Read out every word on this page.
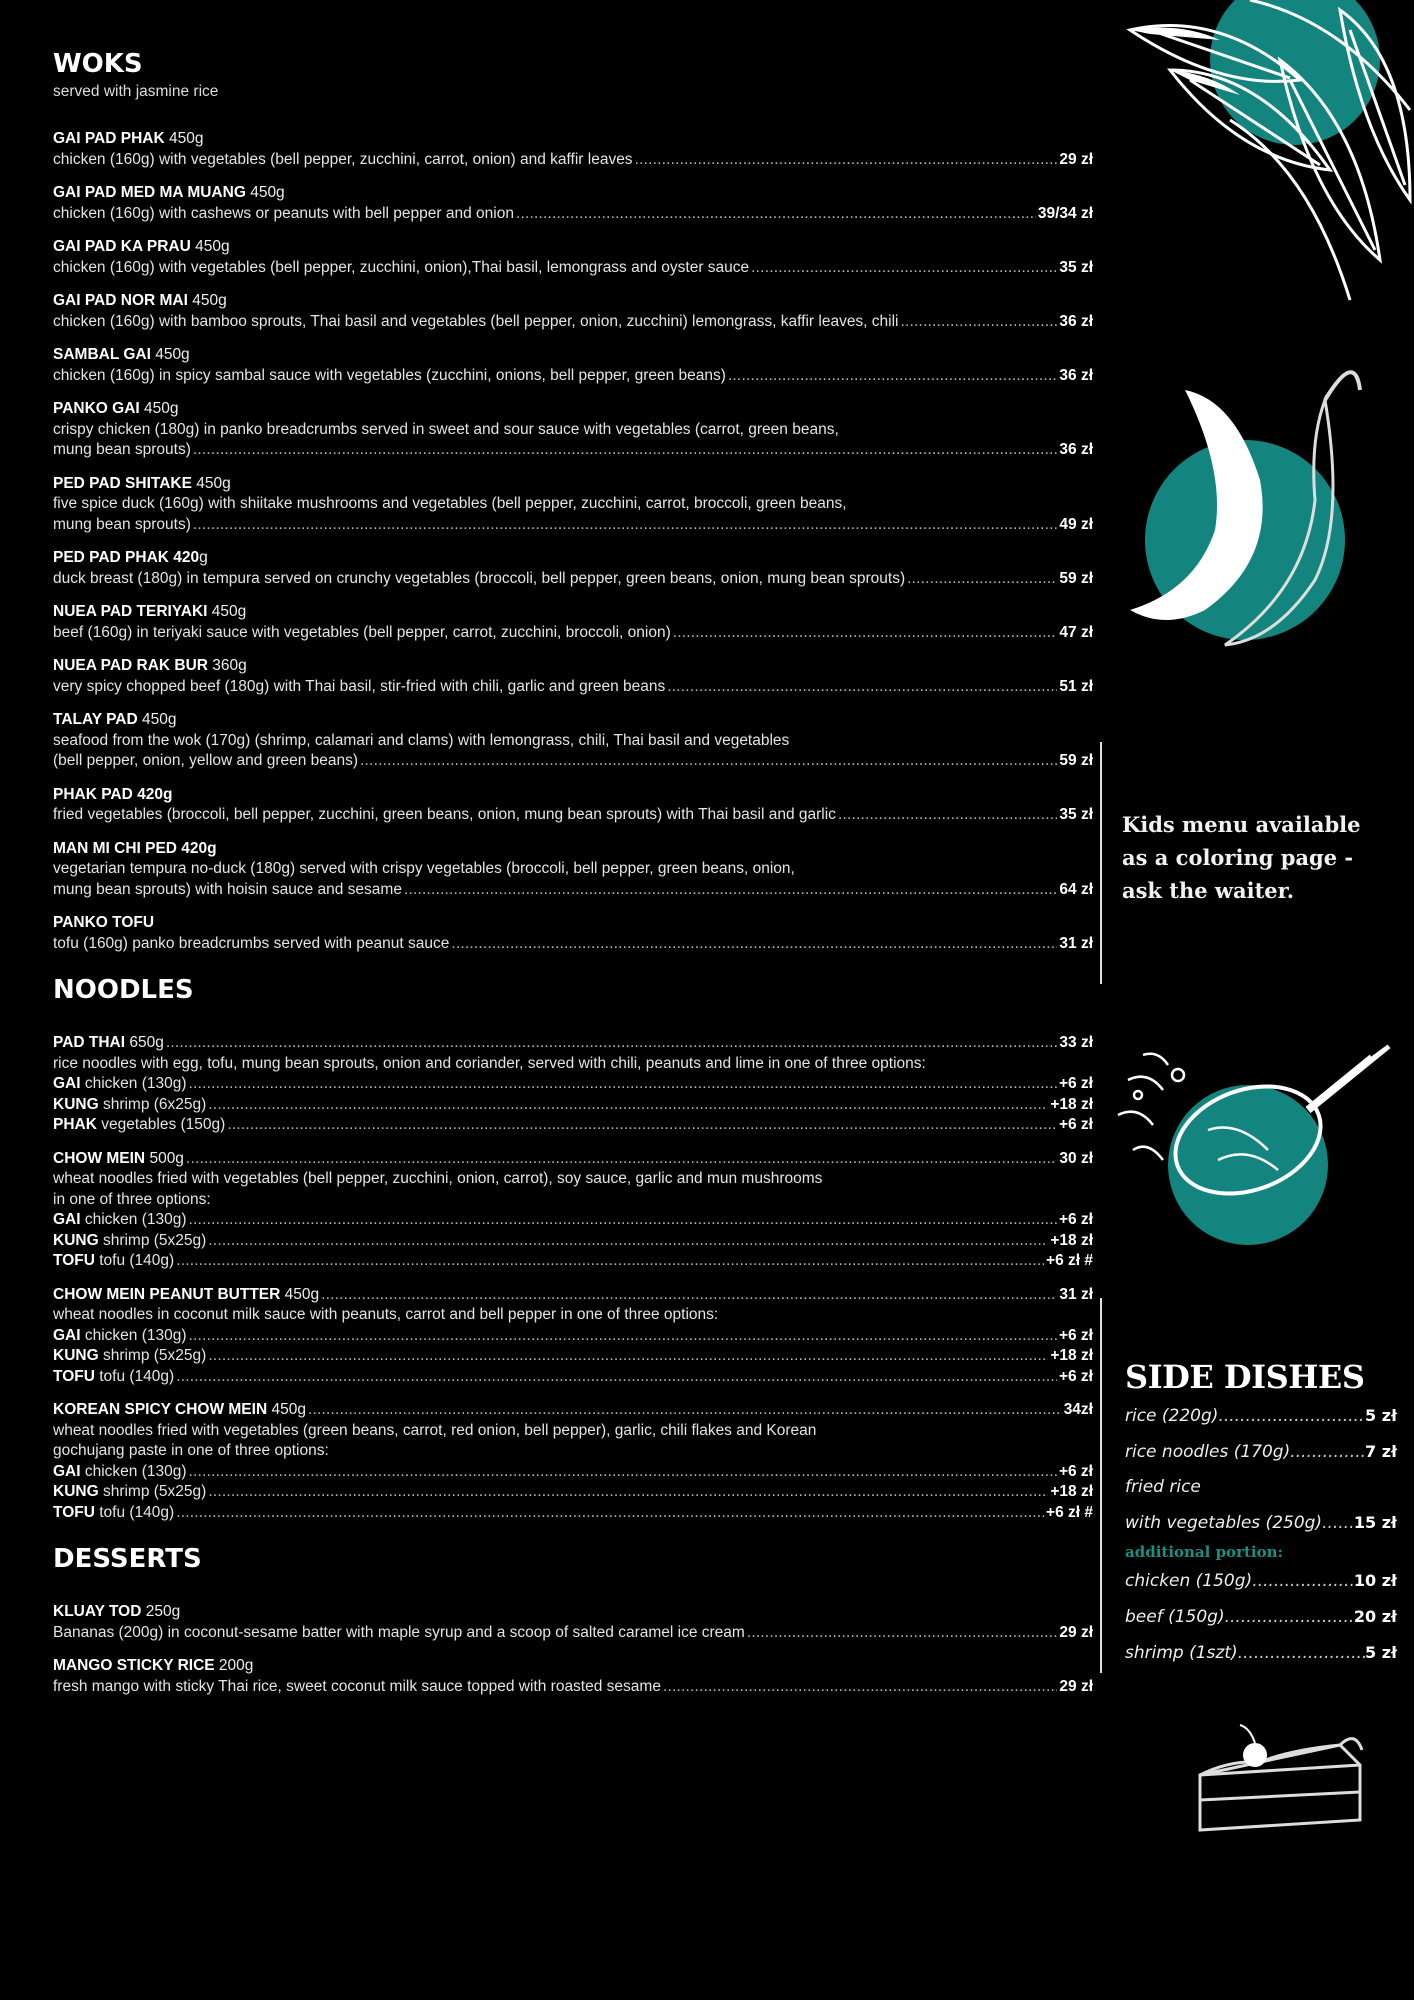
WOKS
served with jasmine rice
GAI PAD PHAK 450g
chicken (160g) with vegetables (bell pepper, zucchini, carrot, onion) and kaffir leaves .....	29 zł
GAI PAD MED MA MUANG 450g
chicken (160g) with cashews or peanuts with bell pepper and onion .....	39/34 zł
GAI PAD KA PRAU 450g
chicken (160g) with vegetables (bell pepper, zucchini, onion),Thai basil, lemongrass and oyster sauce .....	35 zł
GAI PAD NOR MAI 450g
chicken (160g) with bamboo sprouts, Thai basil and vegetables (bell pepper, onion, zucchini) lemongrass, kaffir leaves, chili .....	36 zł
SAMBAL GAI 450g
chicken (160g) in spicy sambal sauce with vegetables (zucchini, onions, bell pepper, green beans) .....	36 zł
PANKO GAI 450g
crispy chicken (180g) in panko breadcrumbs served in sweet and sour sauce with vegetables (carrot, green beans,
mung bean sprouts) .....	36 zł
PED PAD SHITAKE 450g
five spice duck (160g) with shiitake mushrooms and vegetables (bell pepper, zucchini, carrot, broccoli, green beans,
mung bean sprouts) .....	49 zł
PED PAD PHAK 420g
duck breast (180g) in tempura served on crunchy vegetables (broccoli, bell pepper, green beans, onion, mung bean sprouts) .....	59 zł
NUEA PAD TERIYAKI 450g
beef (160g) in teriyaki sauce with vegetables (bell pepper, carrot, zucchini, broccoli, onion) .....	47 zł
NUEA PAD RAK BUR 360g
very spicy chopped beef (180g) with Thai basil, stir-fried with chili, garlic and green beans .....	51 zł
TALAY PAD 450g
seafood from the wok (170g) (shrimp, calamari and clams) with lemongrass, chili, Thai basil and vegetables
(bell pepper, onion, yellow and green beans) .....	59 zł
PHAK PAD 420g
fried vegetables (broccoli, bell pepper, zucchini, green beans, onion, mung bean sprouts) with Thai basil and garlic .....	35 zł
MAN MI CHI PED 420g
vegetarian tempura no-duck (180g) served with crispy vegetables (broccoli, bell pepper, green beans, onion,
mung bean sprouts) with hoisin sauce and sesame .....	64 zł
PANKO TOFU
tofu (160g) panko breadcrumbs served with peanut sauce .....	31 zł
NOODLES
PAD THAI 650g .....	33 zł
rice noodles with egg, tofu, mung bean sprouts, onion and coriander, served with chili, peanuts and lime in one of three options:
GAI chicken (130g) .....	+6 zł
KUNG shrimp (6x25g) .....	+18 zł
PHAK vegetables (150g) .....	+6 zł
CHOW MEIN 500g .....	30 zł
wheat noodles fried with vegetables (bell pepper, zucchini, onion, carrot), soy sauce, garlic and mun mushrooms
in one of three options:
GAI chicken (130g) .....	+6 zł
KUNG shrimp (5x25g) .....	+18 zł
TOFU tofu (140g) .....	+6 zł #
CHOW MEIN PEANUT BUTTER 450g .....	31 zł
wheat noodles in coconut milk sauce with peanuts, carrot and bell pepper in one of three options:
GAI chicken (130g) .....	+6 zł
KUNG shrimp (5x25g) .....	+18 zł
TOFU tofu (140g) .....	+6 zł
KOREAN SPICY CHOW MEIN 450g .....	34zł
wheat noodles fried with vegetables (green beans, carrot, red onion, bell pepper), garlic, chili flakes and Korean
gochujang paste in one of three options:
GAI chicken (130g) .....	+6 zł
KUNG shrimp (5x25g) .....	+18 zł
TOFU tofu (140g) .....	+6 zł #
DESSERTS
KLUAY TOD 250g
Bananas (200g) in coconut-sesame batter with maple syrup and a scoop of salted caramel ice cream .....	29 zł
MANGO STICKY RICE 200g
fresh mango with sticky Thai rice, sweet coconut milk sauce topped with roasted sesame .....	29 zł
Kids menu available
as a coloring page -
ask the waiter.
SIDE DISHES
rice (220g) .....	5 zł
rice noodles (170g) .....	7 zł
fried rice
with vegetables (250g) ..... 15 zł
additional portion:
chicken (150g) .....	10 zł
beef (150g) .....	20 zł
shrimp (1szt) .....	5 zł
